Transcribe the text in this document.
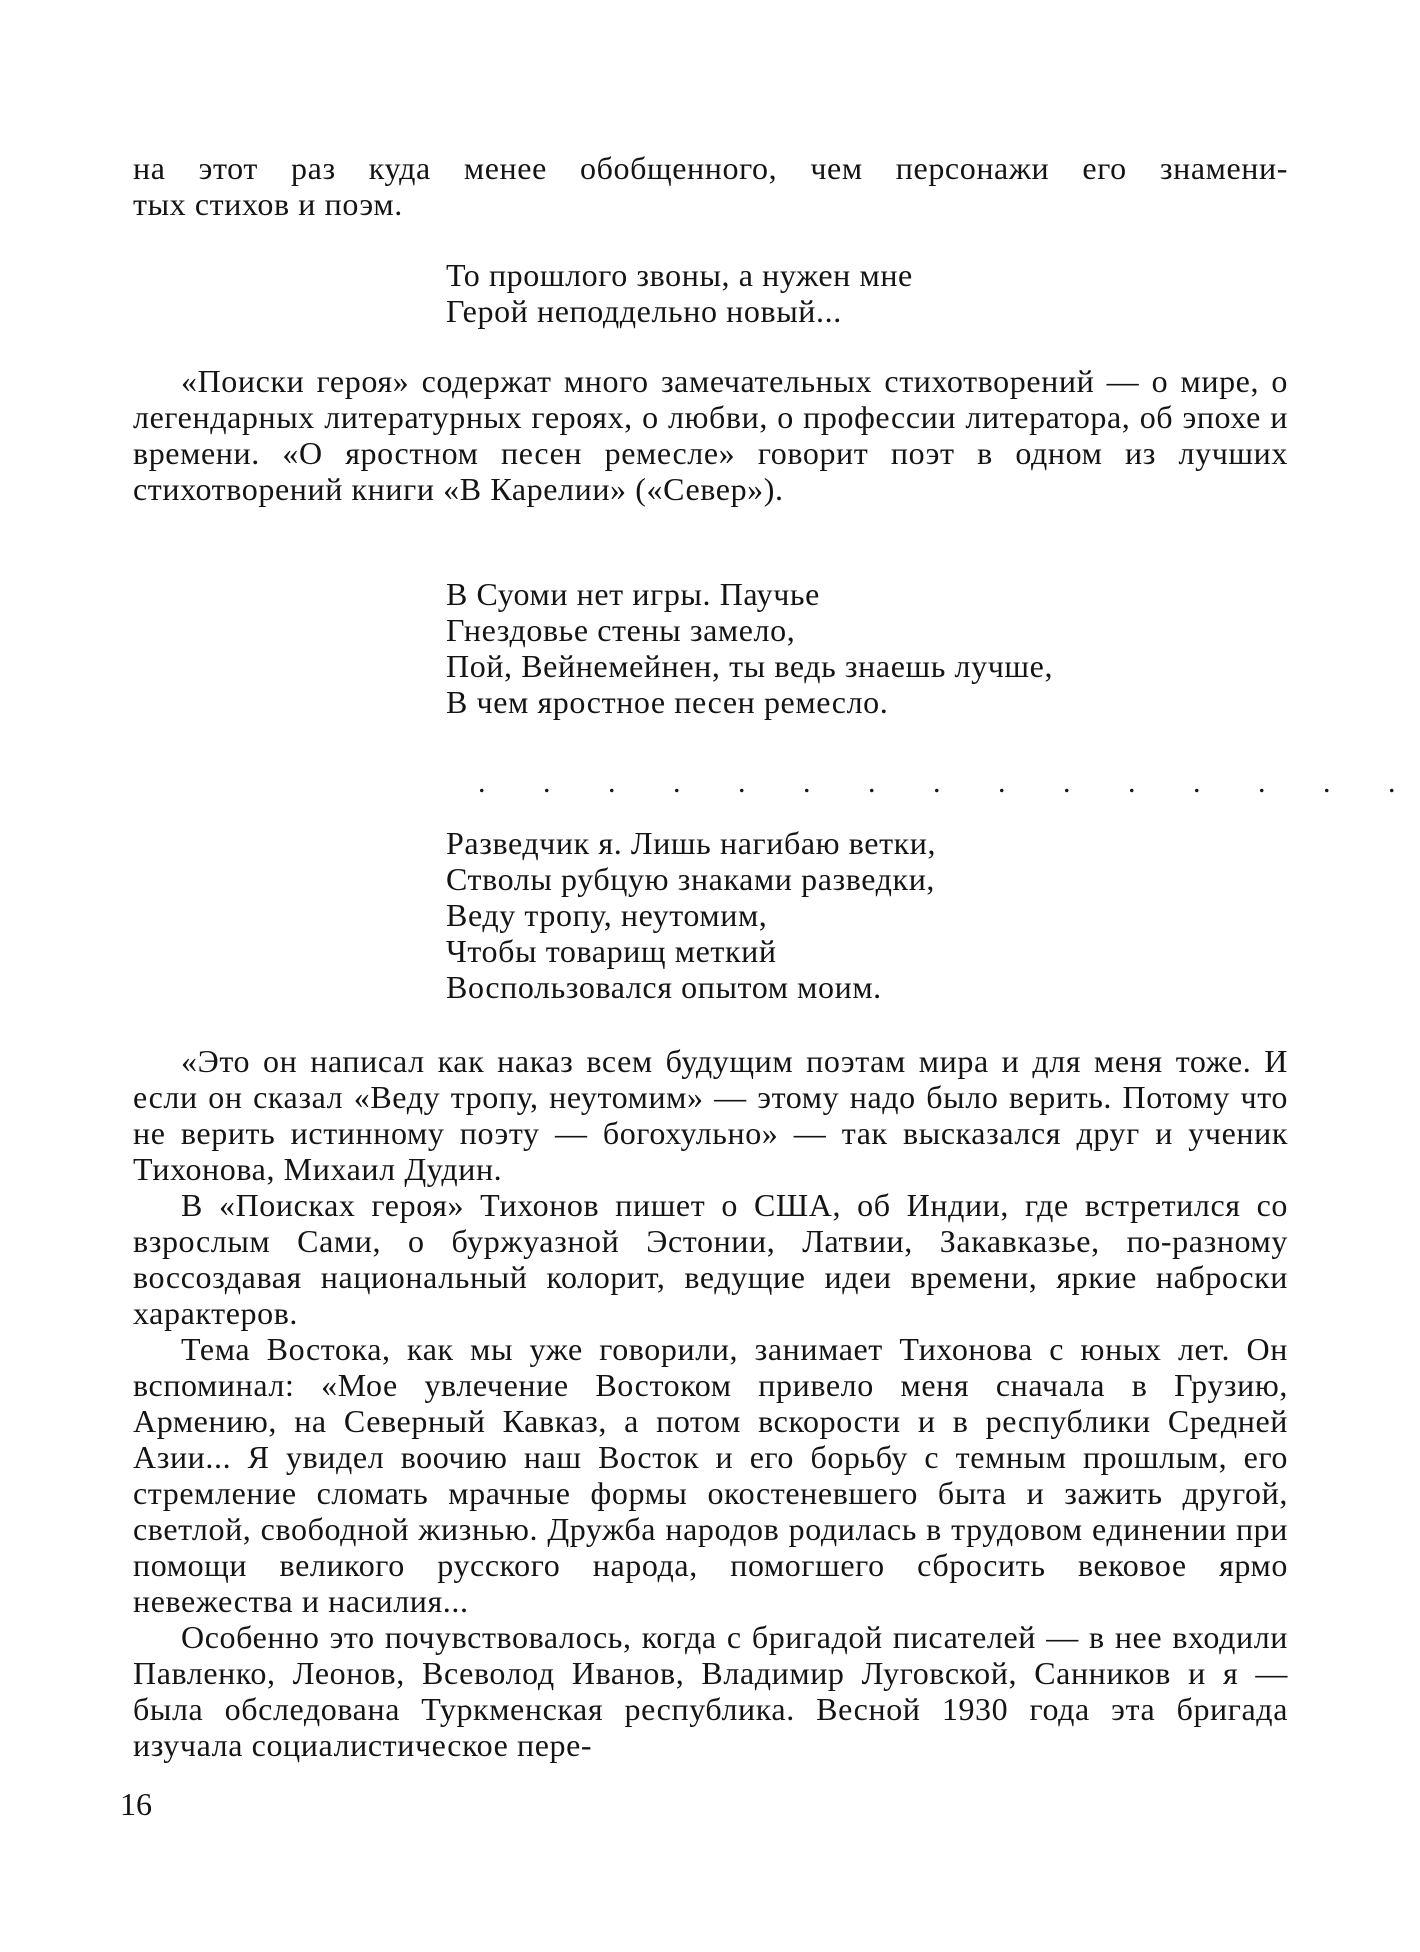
на этот раз куда менее обобщенного, чем персонажи его знамени-

тых стихов и поэм.

То прошлого звоны, а нужен мне
Герой неподдельно новый...

«Поиски героя» содержат много замечательных стихотворений — о мире, о легендарных литературных героях, о любви, о профессии литератора, об эпохе и времени. «О яростном песен ремесле» говорит поэт в одном из лучших стихотворений книги «В Карелии» («Север»).

В Суоми нет игры. Паучье
Гнездовье стены замело,
Пой, Вейнемейнен, ты ведь знаешь лучше,
В чем яростное песен ремесло.
. . . . . . . . . . . . . . .
Разведчик я. Лишь нагибаю ветки,
Стволы рубцую знаками разведки,
Веду тропу, неутомим,
Чтобы товарищ меткий
Воспользовался опытом моим.

«Это он написал как наказ всем будущим поэтам мира и для меня тоже. И если он сказал «Веду тропу, неутомим» — этому надо было верить. Потому что не верить истинному поэту — богохульно» — так высказался друг и ученик Тихонова, Михаил Дудин.

В «Поисках героя» Тихонов пишет о США, об Индии, где встретился со взрослым Сами, о буржуазной Эстонии, Латвии, Закавказье, по-разному воссоздавая национальный колорит, ведущие идеи времени, яркие наброски характеров.

Тема Востока, как мы уже говорили, занимает Тихонова с юных лет. Он вспоминал: «Мое увлечение Востоком привело меня сначала в Грузию, Армению, на Северный Кавказ, а потом вскорости и в республики Средней Азии... Я увидел воочию наш Восток и его борьбу с темным прошлым, его стремление сломать мрачные формы окостеневшего быта и зажить другой, светлой, свободной жизнью. Дружба народов родилась в трудовом единении при помощи великого русского народа, помогшего сбросить вековое ярмо невежества и насилия...

Особенно это почувствовалось, когда с бригадой писателей — в нее входили Павленко, Леонов, Всеволод Иванов, Владимир Луговской, Санников и я — была обследована Туркменская республика. Весной 1930 года эта бригада изучала социалистическое пере-

16
